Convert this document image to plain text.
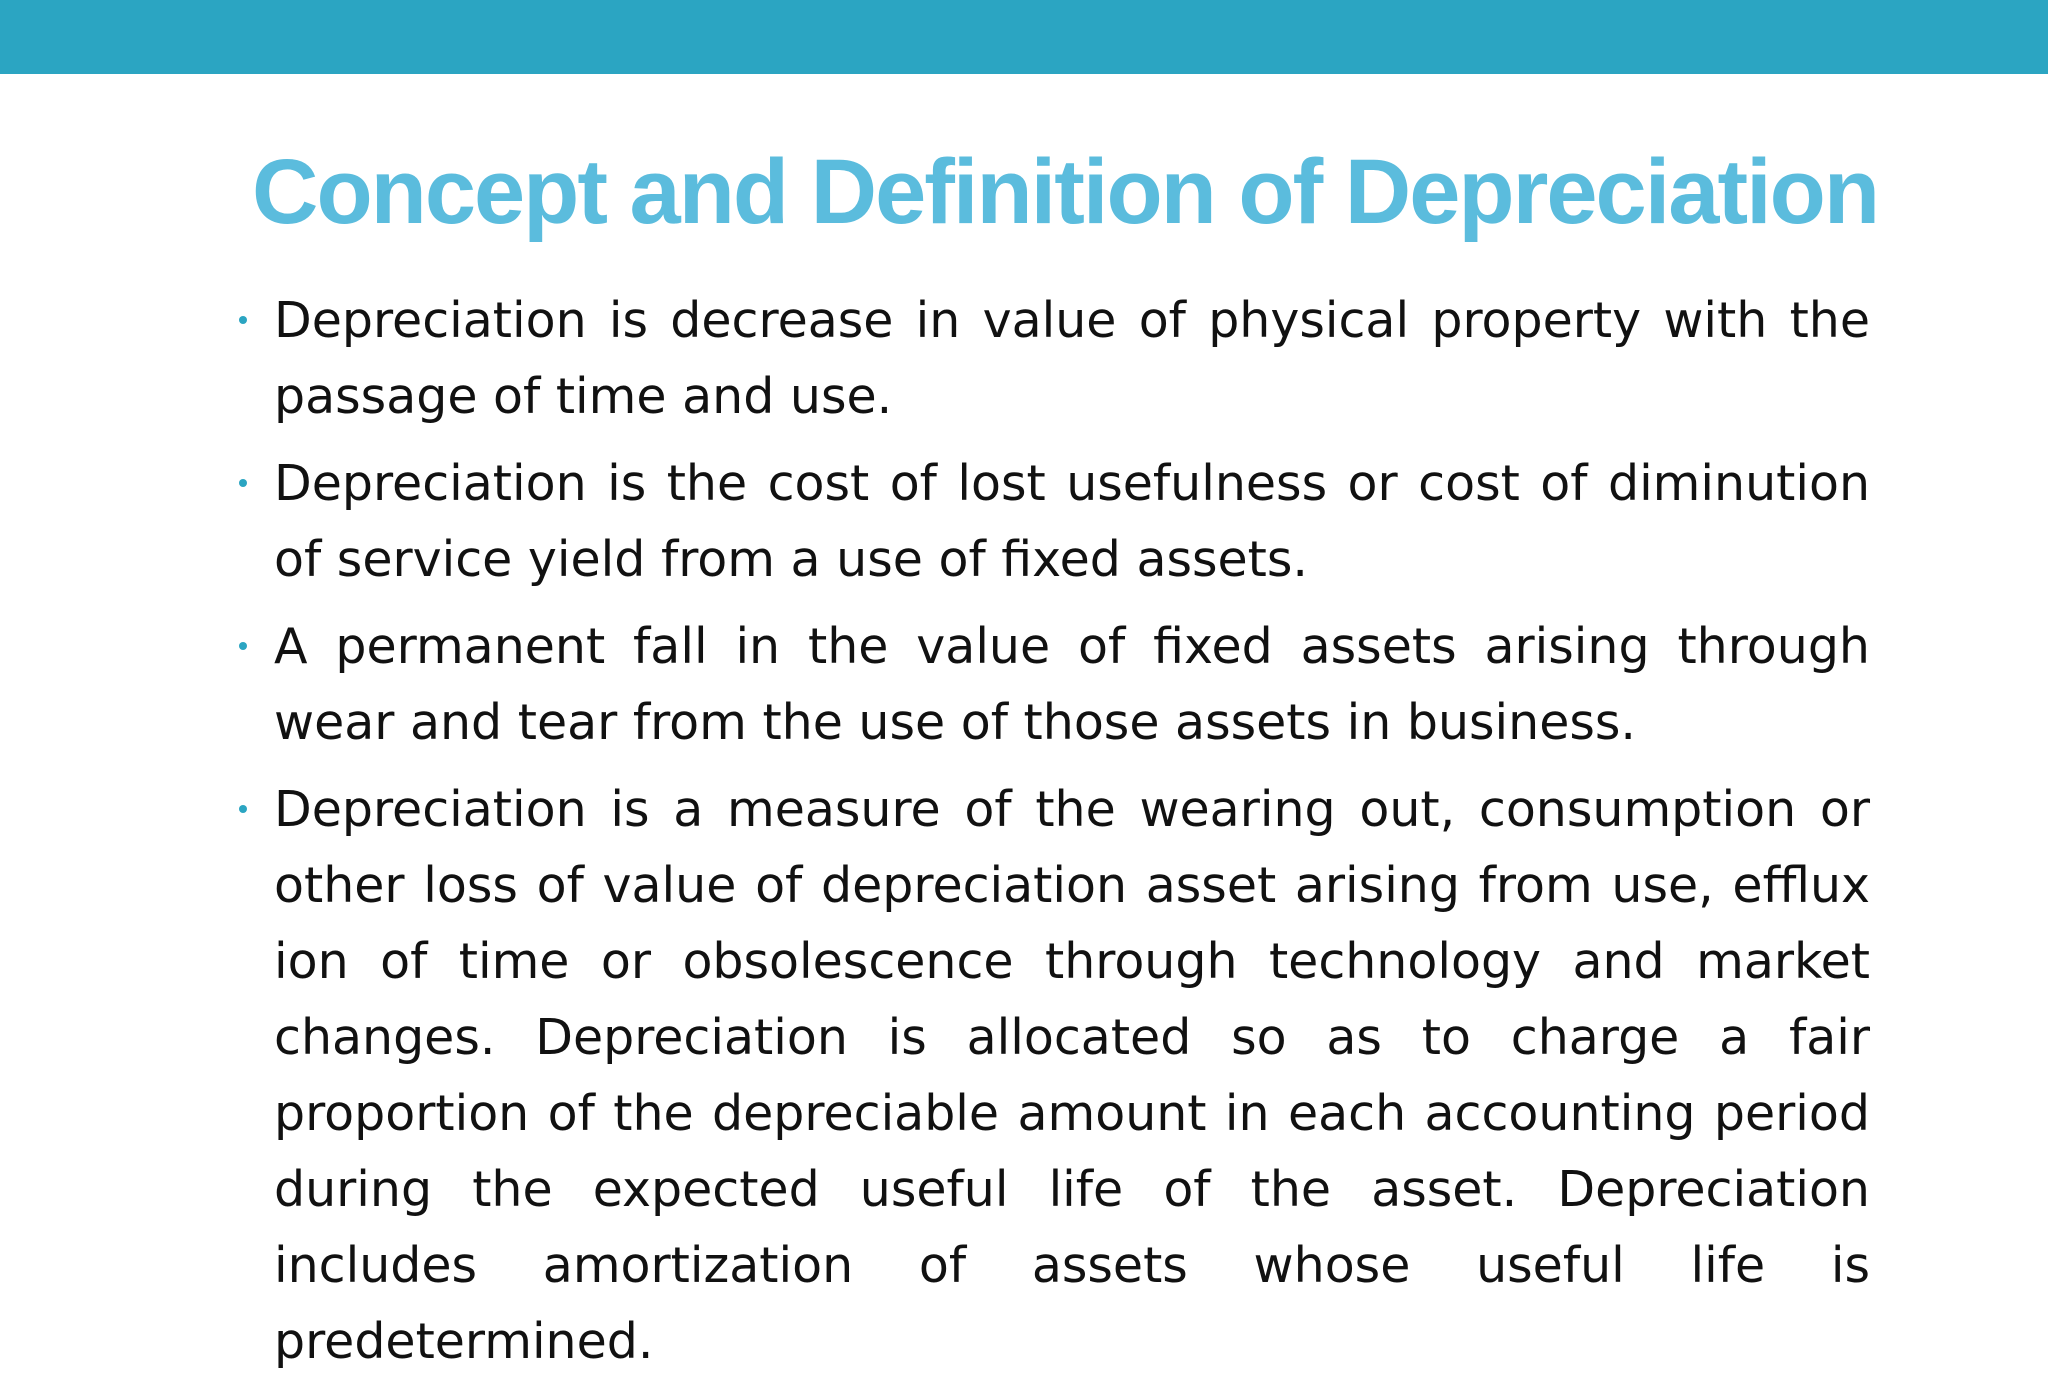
Concept and Definition of Depreciation
Depreciation is decrease in value of physical property with the passage of time and use.
Depreciation is the cost of lost usefulness or cost of diminution of service yield from a use of fixed assets.
A permanent fall in the value of fixed assets arising through wear and tear from the use of those assets in business.
Depreciation is a measure of the wearing out, consumption or other loss of value of depreciation asset arising from use, efflux ion of time or obsolescence through technology and market changes. Depreciation is allocated so as to charge a fair proportion of the depreciable amount in each accounting period during the expected useful life of the asset. Depreciation includes amortization of assets whose useful life is predetermined.
